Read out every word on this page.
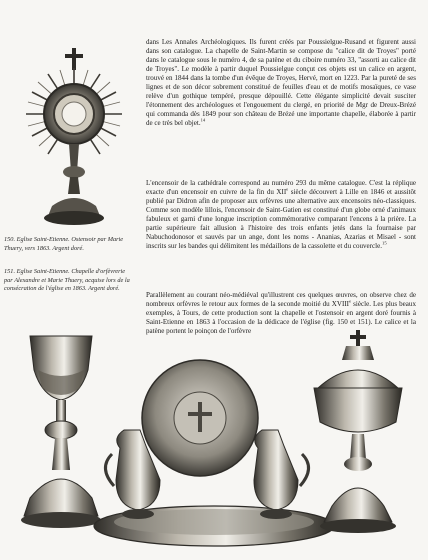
150. Eglise Saint-Etienne. Ostensoir par Marie Thuery, vers 1863. Argent doré.
151. Eglise Saint-Etienne. Chapelle d'orfèvrerie par Alexandre et Marie Thuery, acquise lors de la consécration de l'église en 1863. Argent doré.

dans Les Annales Archéologiques. Ils furent créés par Poussielgue-Rusand et figurent aussi dans son catalogue. La chapelle de Saint-Martin se compose du "calice dit de Troyes" porté dans le catalogue sous le numéro 4, de sa patène et du ciboire numéro 33, "assorti au calice dit de Troyes". Le modèle à partir duquel Poussielgue conçut ces objets est un calice en argent, trouvé en 1844 dans la tombe d'un évêque de Troyes, Hervé, mort en 1223. Par la pureté de ses lignes et de son décor sobrement constitué de feuilles d'eau et de motifs mosaïques, ce vase relève d'un gothique tempéré, presque dépouillé. Cette élégante simplicité devait susciter l'étonnement des archéologues et l'engouement du clergé, en priorité de Mgr de Dreux-Brézé qui commanda dès 1849 pour son château de Brézé une importante chapelle, élaborée à partir de ce très bel objet.$^{14}$

L'encensoir de la cathédrale correspond au numéro 293 du même catalogue. C'est la réplique exacte d'un encensoir en cuivre de la fin du XIIe siècle découvert à Lille en 1846 et aussitôt publié par Didron afin de proposer aux orfèvres une alternative aux encensoirs néo-classiques. Comme son modèle lillois, l'encensoir de Saint-Gatien est constitué d'un globe orné d'animaux fabuleux et garni d'une longue inscription commémorative comparant l'encens à la prière. La partie supérieure fait allusion à l'histoire des trois enfants jetés dans la fournaise par Nabuchodonosor et sauvés par un ange, dont les noms - Ananias, Azarias et Misael - sont inscrits sur les bandes qui délimitent les médaillons de la cassolette et du couvercle.$^{15}$

Parallèlement au courant néo-médiéval qu'illustrent ces quelques œuvres, on observe chez de nombreux orfèvres le retour aux formes de la seconde moitié du XVIIIe siècle. Les plus beaux exemples, à Tours, de cette production sont la chapelle et l'ostensoir en argent doré fournis à Saint-Etienne en 1863 à l'occasion de la dédicace de l'église (fig. 150 et 151). Le calice et la patène portent le poinçon de l'orfèvre
